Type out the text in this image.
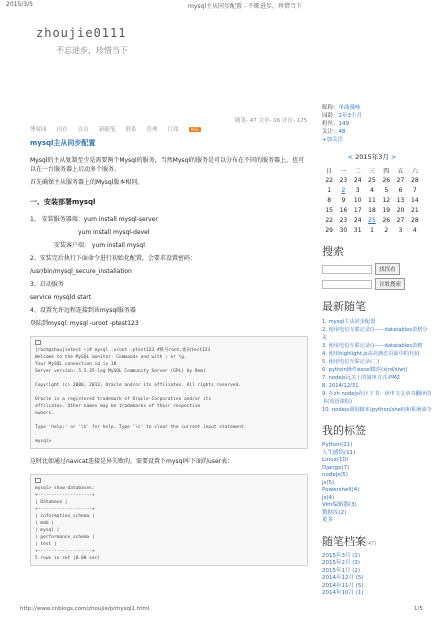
2015/3/5	mysql主从同步配置 - 不断进步，珍惜当下
zhoujie0111
不忘进步，珍惜当下
博客园 闪存 首页 新随笔 联系 管理 订阅	RSS
随笔- 47 文章- 16 评论- 175
mysql主从同步配置
Mysql的主从复制至少是需要两个Mysql的服务，当然Mysql的服务是可以分布在不同的服务器上，也可以在一台服务器上启动多个服务。
首先确保主从服务器上的Mysql版本相同。
一、安装部署mysql
1、 安装服务器端：yum install mysql-server
yum install mysql-devel
安装客户端： yum install mysql
2、安装完后执行下面命令进行初始化配置，会要求设置密码：
/usr/bin/mysql_secure_installation
3、启动服务
service mysqld start
4、设置允许远程连接到该mysql服务器
登陆到mysql: mysql -uroot -ptest123
[root@zhoujietest ~]# mysql -uroot -ptest123 #帐号root,密码test123
Welcome to the MySQL monitor. Commands end with ; or \g.
Your MySQL connection id is 18
Server version: 5.5.35-log MySQL Community Server (GPL) by Remi

Copyright (c) 2000, 2013, Oracle and/or its affiliates. All rights reserved.

Oracle is a registered trademark of Oracle Corporation and/or its
affiliates. Other names may be trademarks of their respective
owners.

Type 'help;' or '\h' for help. Type '\c' to clear the current input statement.

mysql>
这时比如通过navicat连接是异失败的，需要设置下mysql库下面的user表：
mysql> show databases;
+--------------------+
| Database |
+--------------------+
| information_schema |
| mmb |
| mysql |
| performance_schema |
| test |
+--------------------+
5 rows in set (0.00 sec)
昵称：单曲漫咏
园龄：2年3个月
粉丝：149
关注：48
+加关注
< 2015年3月 >
日	一	二	三	四	五	六
22	23	24	25	26	27	28
1	2	3	4	5	6	7
8	9	10	11	12	13	14
15	16	17	18	19	20	21
22	23	24	25	26	27	28
29	30	31	1	2	3	4
搜索
找找看
谷歌搜索
最新随笔
1. mysql主从同步配置
2. 使用电信互联记录()——datatables表格分页
3. 使用电信互联记录()——datatables表格
4. 使用highlight.js高亮静态页面中的代码
5. 使用电信互联记录(二)
6. python操作excel模块(xlrd/xlwt)
7. nodejs远关上的简单方式-PM2
8. 2014/12/31
9. 在zh nodejs社区下书：读申文文章书翻译的书(英语课程)
10. nodejs调用脚本(python/shell)和系统命令
我的标签
Python(21)
人生感悟(11)
Linux(10)
Django(7)
nodejs(5)
js(5)
Powershell(4)
js(4)
Vim编辑器(3)
数据库(2)
更多
随笔档案(47)
2015年3月 (2)
2015年2月 (3)
2015年1月 (2)
2014年12月 (5)
2014年11月 (5)
2014年10月 (1)
http://www.cnblogs.com/zhoujie/p/mysql1.html	1/5
